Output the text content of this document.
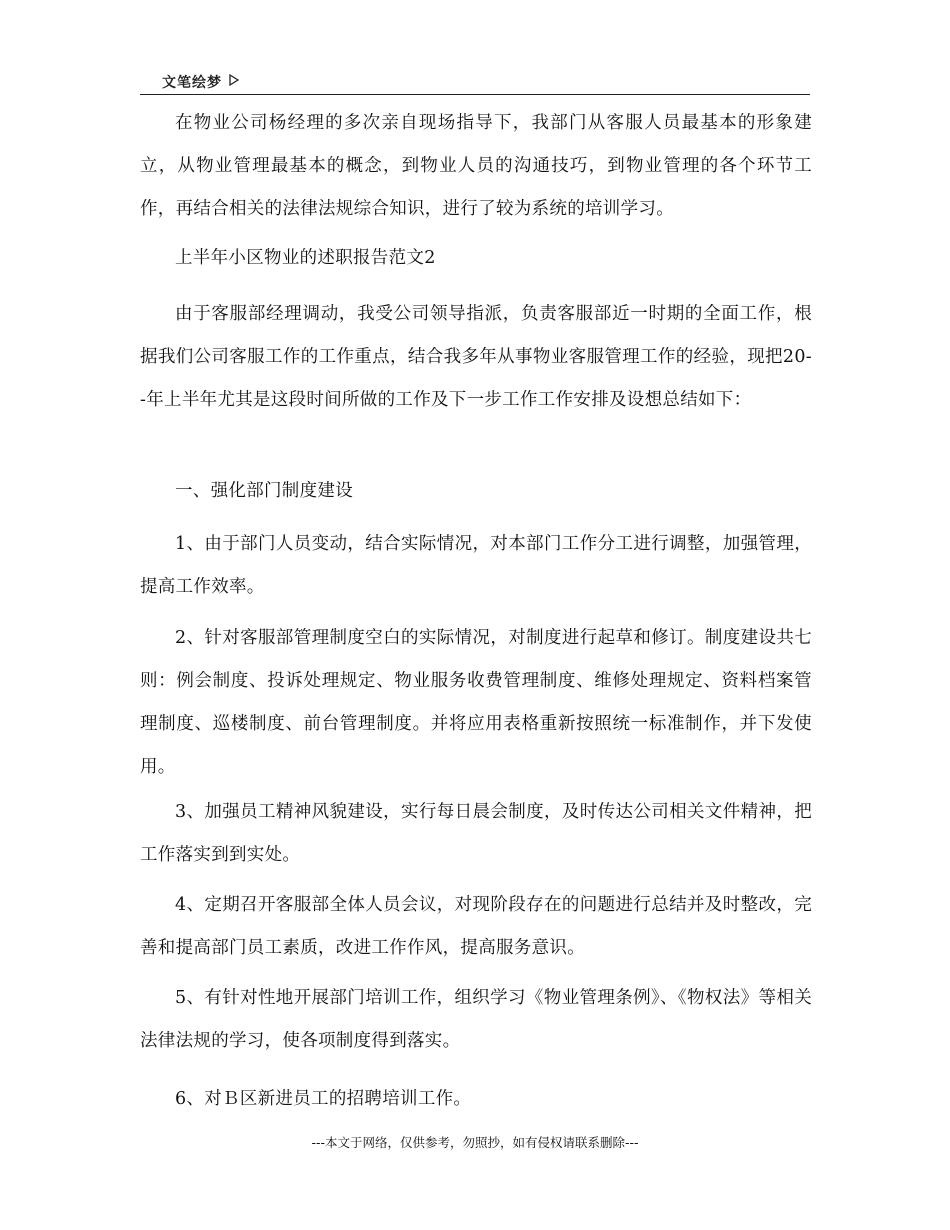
文笔绘梦

在物业公司杨经理的多次亲自现场指导下，我部门从客服人员最基本的形象建立，从物业管理最基本的概念，到物业人员的沟通技巧，到物业管理的各个环节工作，再结合相关的法律法规综合知识，进行了较为系统的培训学习。

上半年小区物业的述职报告范文2

由于客服部经理调动，我受公司领导指派，负责客服部近一时期的全面工作，根据我们公司客服工作的工作重点，结合我多年从事物业客服管理工作的经验，现把20--年上半年尤其是这段时间所做的工作及下一步工作工作安排及设想总结如下：

一、强化部门制度建设

1、由于部门人员变动，结合实际情况，对本部门工作分工进行调整，加强管理，提高工作效率。

2、针对客服部管理制度空白的实际情况，对制度进行起草和修订。制度建设共七则：例会制度、投诉处理规定、物业服务收费管理制度、维修处理规定、资料档案管理制度、巡楼制度、前台管理制度。并将应用表格重新按照统一标准制作，并下发使用。

3、加强员工精神风貌建设，实行每日晨会制度，及时传达公司相关文件精神，把工作落实到到实处。

4、定期召开客服部全体人员会议，对现阶段存在的问题进行总结并及时整改，完善和提高部门员工素质，改进工作作风，提高服务意识。

5、有针对性地开展部门培训工作，组织学习《物业管理条例》、《物权法》等相关法律法规的学习，使各项制度得到落实。

6、对Ｂ区新进员工的招聘培训工作。

---本文于网络，仅供参考，勿照抄，如有侵权请联系删除---
